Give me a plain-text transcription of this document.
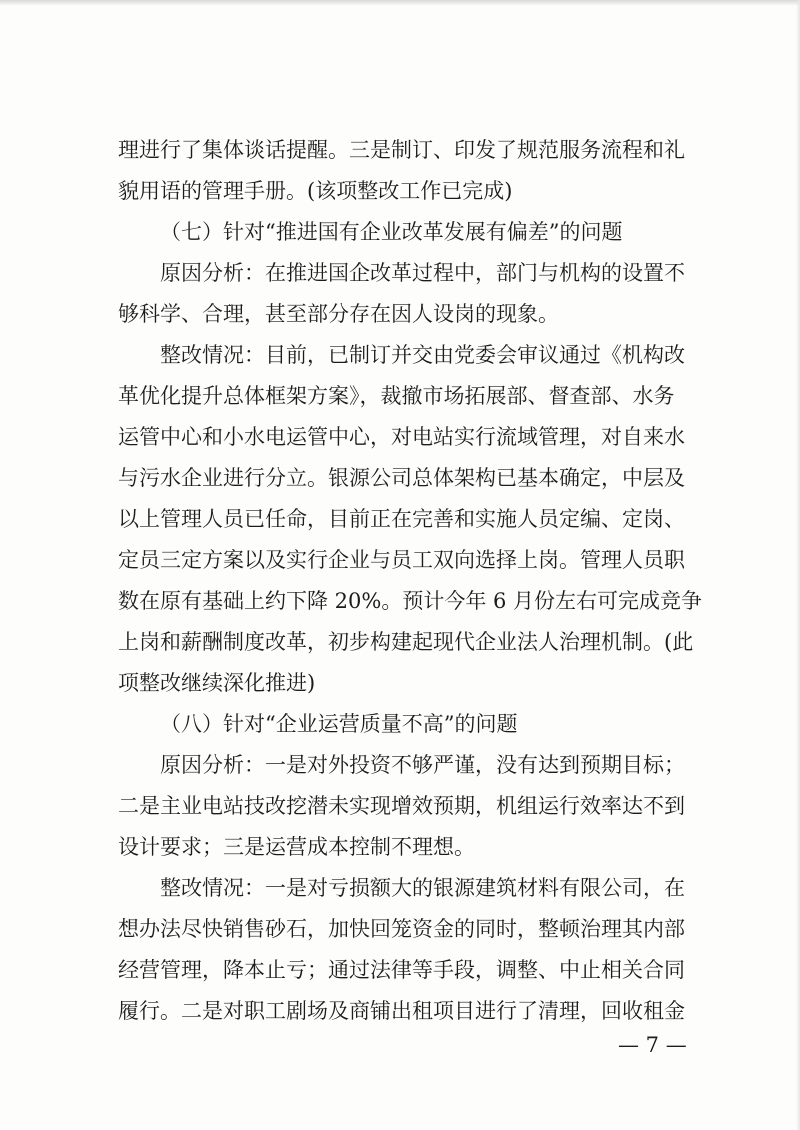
理进行了集体谈话提醒。三是制订、印发了规范服务流程和礼
貌用语的管理手册。(该项整改工作已完成)
（七）针对“推进国有企业改革发展有偏差”的问题
原因分析：在推进国企改革过程中，部门与机构的设置不
够科学、合理，甚至部分存在因人设岗的现象。
整改情况：目前，已制订并交由党委会审议通过《机构改
革优化提升总体框架方案》，裁撤市场拓展部、督查部、水务
运管中心和小水电运管中心，对电站实行流域管理，对自来水
与污水企业进行分立。银源公司总体架构已基本确定，中层及
以上管理人员已任命，目前正在完善和实施人员定编、定岗、
定员三定方案以及实行企业与员工双向选择上岗。管理人员职
数在原有基础上约下降 20%。预计今年 6 月份左右可完成竞争
上岗和薪酬制度改革，初步构建起现代企业法人治理机制。(此
项整改继续深化推进)
（八）针对“企业运营质量不高”的问题
原因分析：一是对外投资不够严谨，没有达到预期目标；
二是主业电站技改挖潜未实现增效预期，机组运行效率达不到
设计要求；三是运营成本控制不理想。
整改情况：一是对亏损额大的银源建筑材料有限公司，在
想办法尽快销售砂石，加快回笼资金的同时，整顿治理其内部
经营管理，降本止亏；通过法律等手段，调整、中止相关合同
履行。二是对职工剧场及商铺出租项目进行了清理，回收租金
— 7 —
